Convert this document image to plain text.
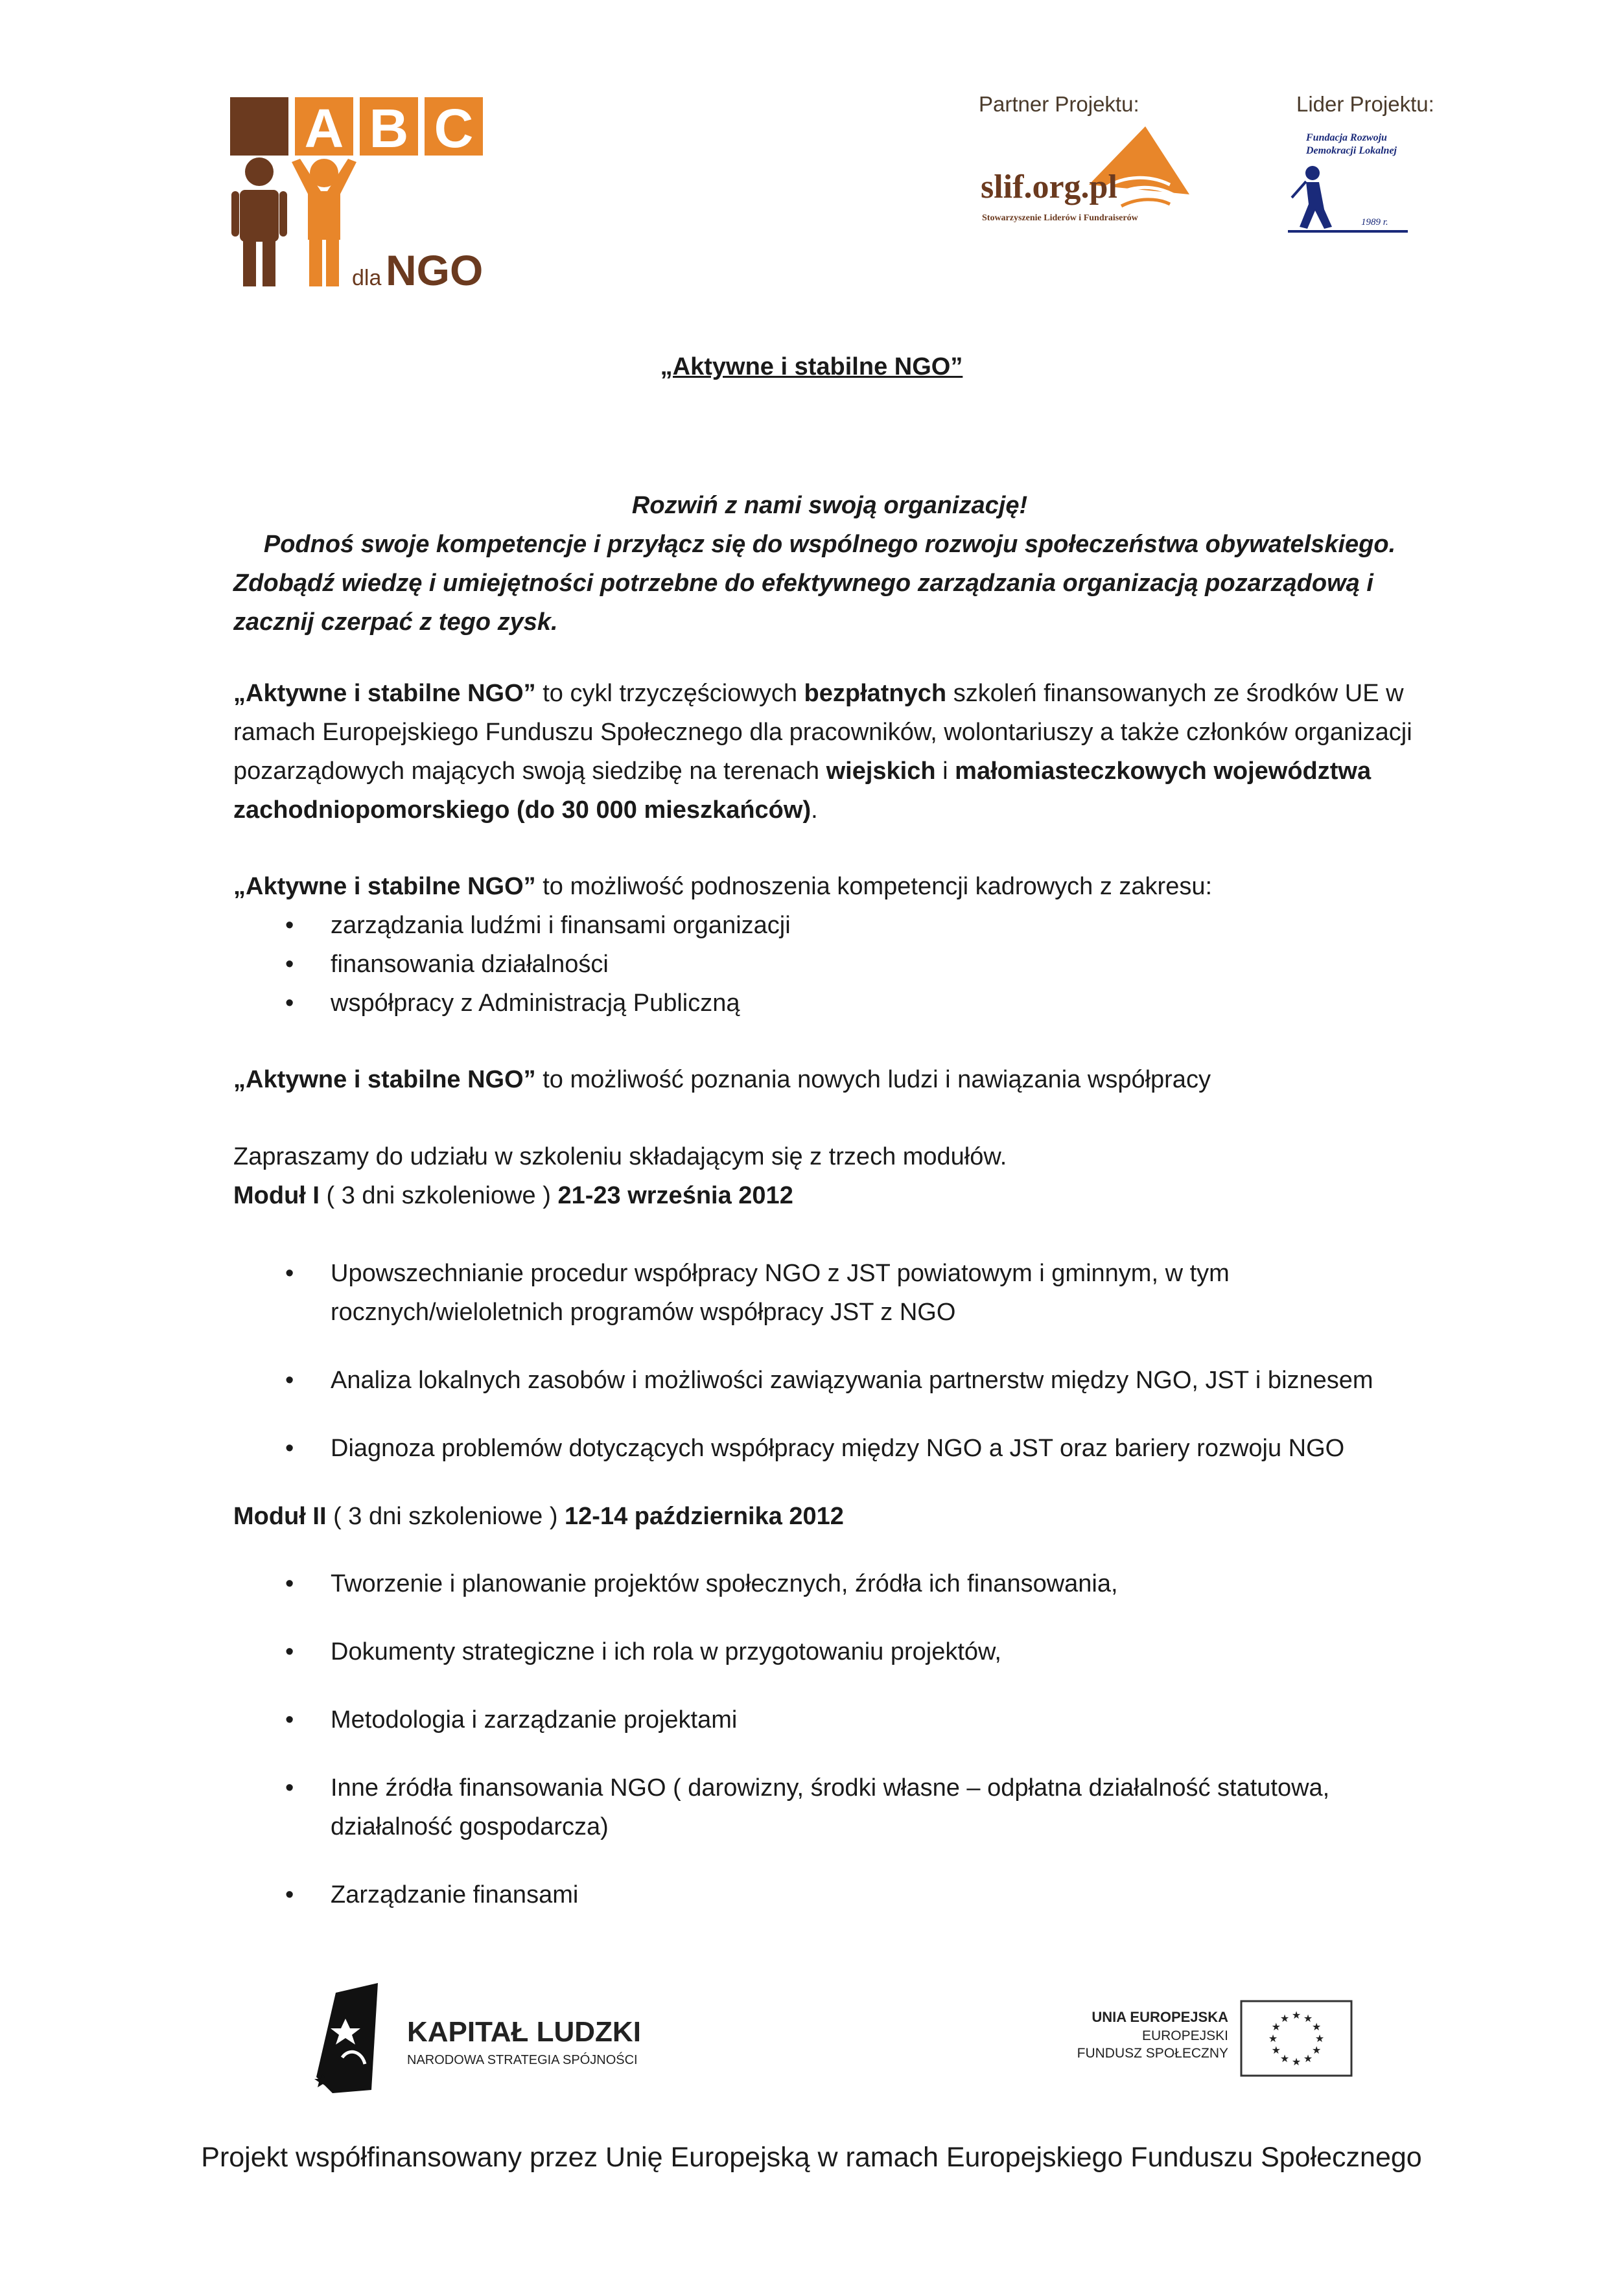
A B C
dla NGO
Partner Projektu:
slif.org.pl
Stowarzyszenie Liderów i Fundraiserów
Lider Projektu:
Fundacja Rozwoju
Demokracji Lokalnej
1989 r.
„Aktywne i stabilne NGO”
Rozwiń z nami swoją organizację!
Podnoś swoje kompetencje i przyłącz się do wspólnego rozwoju społeczeństwa obywatelskiego.
Zdobądź wiedzę i umiejętności potrzebne do efektywnego zarządzania organizacją pozarządową i zacznij czerpać z tego zysk.
„Aktywne i stabilne NGO” to cykl trzyczęściowych bezpłatnych szkoleń finansowanych ze środków UE w ramach Europejskiego Funduszu Społecznego dla pracowników, wolontariuszy a także członków organizacji pozarządowych mających swoją siedzibę na terenach wiejskich i małomiasteczkowych województwa zachodniopomorskiego (do 30 000 mieszkańców).
„Aktywne i stabilne NGO” to możliwość podnoszenia kompetencji kadrowych z zakresu:
• zarządzania ludźmi i finansami organizacji
• finansowania działalności
• współpracy z Administracją Publiczną
„Aktywne i stabilne NGO” to możliwość poznania nowych ludzi i nawiązania współpracy
Zapraszamy do udziału w szkoleniu składającym się z trzech modułów.
Moduł I ( 3 dni szkoleniowe ) 21-23 września 2012
• Upowszechnianie procedur współpracy NGO z JST powiatowym i gminnym, w tym rocznych/wieloletnich programów współpracy JST z NGO
• Analiza lokalnych zasobów i możliwości zawiązywania partnerstw między NGO, JST i biznesem
• Diagnoza problemów dotyczących współpracy między NGO a JST oraz bariery rozwoju NGO
Moduł II ( 3 dni szkoleniowe ) 12-14 października 2012
• Tworzenie i planowanie projektów społecznych, źródła ich finansowania,
• Dokumenty strategiczne i ich rola w przygotowaniu projektów,
• Metodologia i zarządzanie projektami
• Inne źródła finansowania NGO ( darowizny, środki własne – odpłatna działalność statutowa, działalność gospodarcza)
• Zarządzanie finansami
KAPITAŁ LUDZKI
NARODOWA STRATEGIA SPÓJNOŚCI
UNIA EUROPEJSKA
EUROPEJSKI
FUNDUSZ SPOŁECZNY
★
★
★
★
★
★
★
★
★ ★ ★
★
Projekt współfinansowany przez Unię Europejską w ramach Europejskiego Funduszu Społecznego
